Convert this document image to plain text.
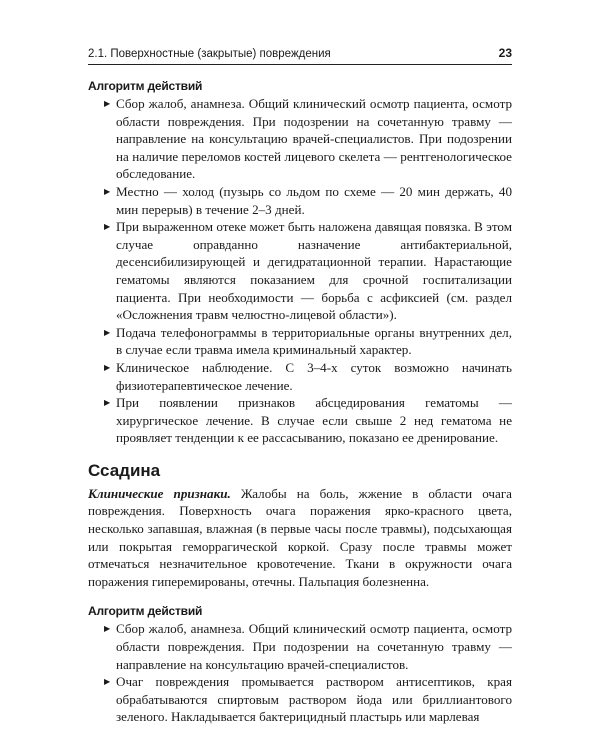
2.1. Поверхностные (закрытые) повреждения	23
Алгоритм действий
▶ Сбор жалоб, анамнеза. Общий клинический осмотр пациента, осмотр области повреждения. При подозрении на сочетанную травму — направление на консультацию врачей-специалистов. При подозрении на наличие переломов костей лицевого скелета — рентгенологическое обследование.
▶ Местно — холод (пузырь со льдом по схеме — 20 мин держать, 40 мин перерыв) в течение 2–3 дней.
▶ При выраженном отеке может быть наложена давящая повязка. В этом случае оправданно назначение антибактериальной, десенсибилизирующей и дегидратационной терапии. Нарастающие гематомы являются показанием для срочной госпитализации пациента. При необходимости — борьба с асфиксией (см. раздел «Осложнения травм челюстно-лицевой области»).
▶ Подача телефонограммы в территориальные органы внутренних дел, в случае если травма имела криминальный характер.
▶ Клиническое наблюдение. С 3–4-х суток возможно начинать физиотерапевтическое лечение.
▶ При появлении признаков абсцедирования гематомы — хирургическое лечение. В случае если свыше 2 нед гематома не проявляет тенденции к ее рассасыванию, показано ее дренирование.
Ссадина

Клинические признаки. Жалобы на боль, жжение в области очага повреждения. Поверхность очага поражения ярко-красного цвета, несколько запавшая, влажная (в первые часы после травмы), подсыхающая или покрытая геморрагической коркой. Сразу после травмы может отмечаться незначительное кровотечение. Ткани в окружности очага поражения гиперемированы, отечны. Пальпация болезненна.

Алгоритм действий
▶ Сбор жалоб, анамнеза. Общий клинический осмотр пациента, осмотр области повреждения. При подозрении на сочетанную травму — направление на консультацию врачей-специалистов.
▶ Очаг повреждения промывается раствором антисептиков, края обрабатываются спиртовым раствором йода или бриллиантового зеленого. Накладывается бактерицидный пластырь или марлевая
